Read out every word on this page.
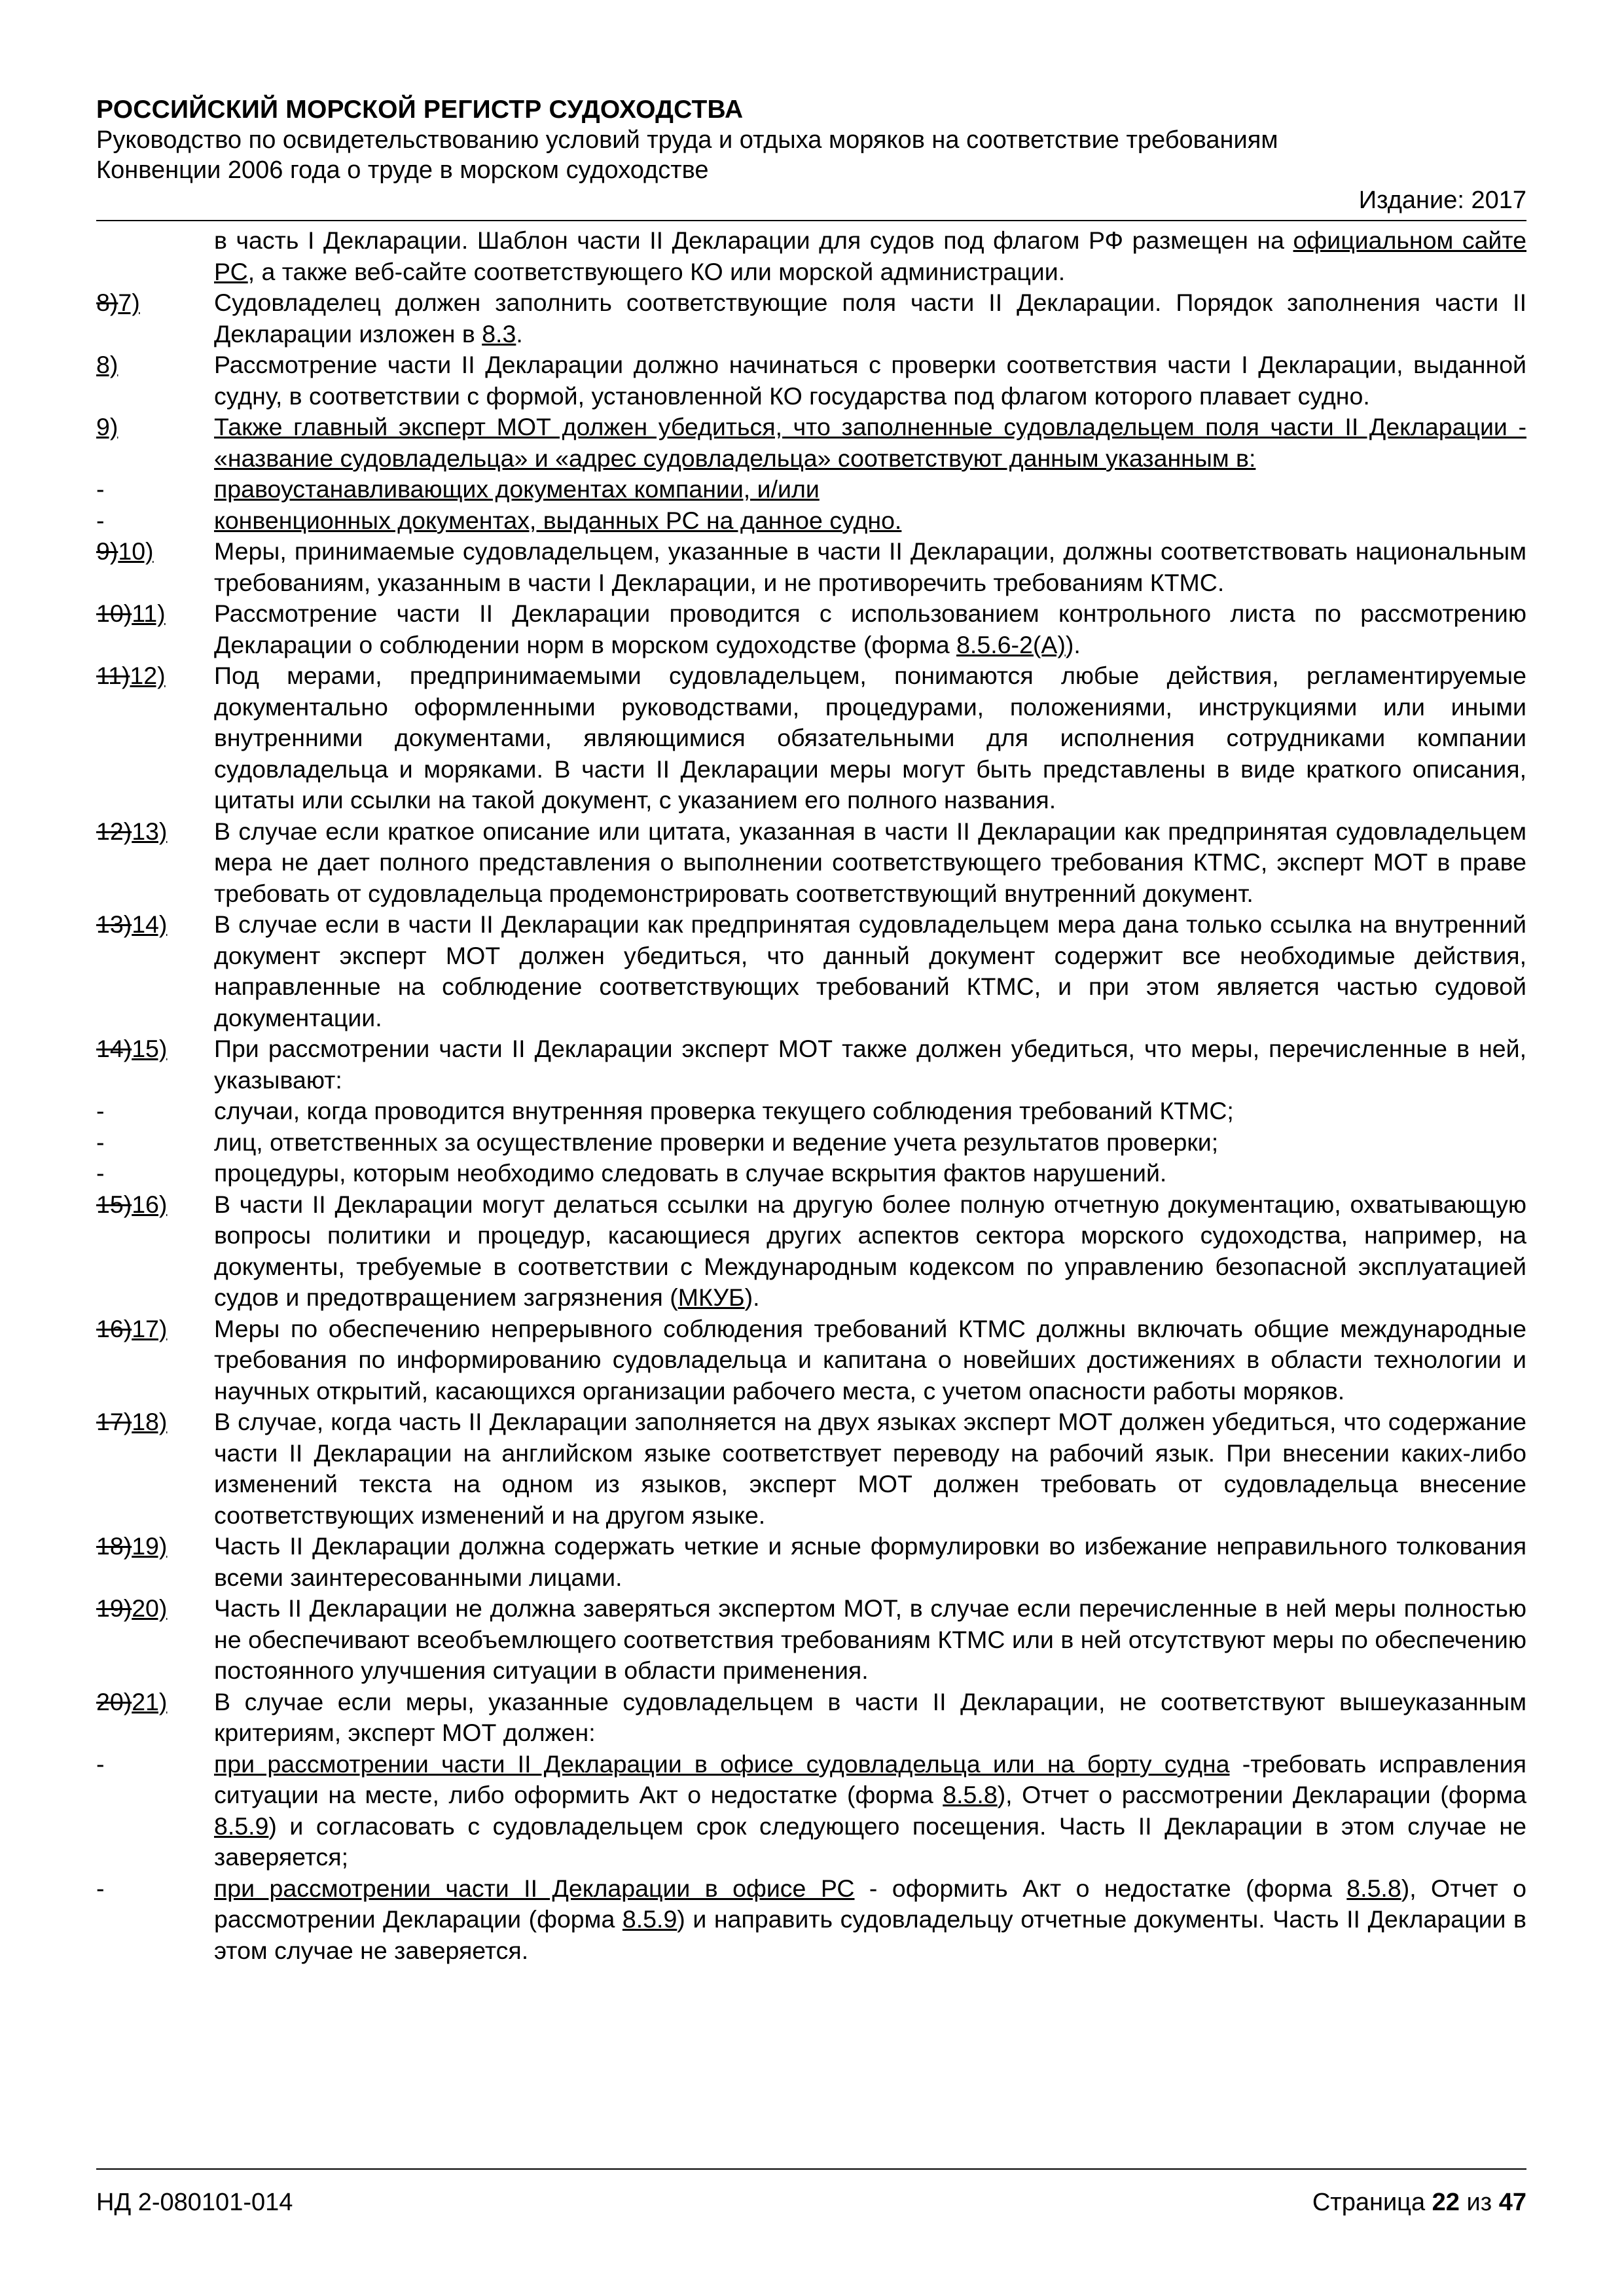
РОССИЙСКИЙ МОРСКОЙ РЕГИСТР СУДОХОДСТВА
Руководство по освидетельствованию условий труда и отдыха моряков на соответствие требованиям
Конвенции 2006 года о труде в морском судоходстве
Издание: 2017
в часть I Декларации. Шаблон части II Декларации для судов под флагом РФ размещен на официальном сайте РС, а также веб-сайте соответствующего КО или морской администрации.
8)7)	Судовладелец должен заполнить соответствующие поля части II Декларации. Порядок заполнения части II Декларации изложен в 8.3.
8)	Рассмотрение части II Декларации должно начинаться с проверки соответствия части I Декларации, выданной судну, в соответствии с формой, установленной КО государства под флагом которого плавает судно.
9)	Также главный эксперт МОТ должен убедиться, что заполненные судовладельцем поля части II Декларации - «название судовладельца» и «адрес судовладельца» соответствуют данным указанным в:
-	правоустанавливающих документах компании, и/или
-	конвенционных документах, выданных РС на данное судно.
9)10)	Меры, принимаемые судовладельцем, указанные в части II Декларации, должны соответствовать национальным требованиям, указанным в части I Декларации, и не противоречить требованиям КТМС.
10)11)	Рассмотрение части II Декларации проводится с использованием контрольного листа по рассмотрению Декларации о соблюдении норм в морском судоходстве (форма 8.5.6-2(А)).
11)12)	Под мерами, предпринимаемыми судовладельцем, понимаются любые действия, регламентируемые документально оформленными руководствами, процедурами, положениями, инструкциями или иными внутренними документами, являющимися обязательными для исполнения сотрудниками компании судовладельца и моряками. В части II Декларации меры могут быть представлены в виде краткого описания, цитаты или ссылки на такой документ, с указанием его полного названия.
12)13)	В случае если краткое описание или цитата, указанная в части II Декларации как предпринятая судовладельцем мера не дает полного представления о выполнении соответствующего требования КТМС, эксперт МОТ в праве требовать от судовладельца продемонстрировать соответствующий внутренний документ.
13)14)	В случае если в части II Декларации как предпринятая судовладельцем мера дана только ссылка на внутренний документ эксперт МОТ должен убедиться, что данный документ содержит все необходимые действия, направленные на соблюдение соответствующих требований КТМС, и при этом является частью судовой документации.
14)15)	При рассмотрении части II Декларации эксперт МОТ также должен убедиться, что меры, перечисленные в ней, указывают:
-	случаи, когда проводится внутренняя проверка текущего соблюдения требований КТМС;
-	лиц, ответственных за осуществление проверки и ведение учета результатов проверки;
-	процедуры, которым необходимо следовать в случае вскрытия фактов нарушений.
15)16)	В части II Декларации могут делаться ссылки на другую более полную отчетную документацию, охватывающую вопросы политики и процедур, касающиеся других аспектов сектора морского судоходства, например, на документы, требуемые в соответствии с Международным кодексом по управлению безопасной эксплуатацией судов и предотвращением загрязнения (МКУБ).
16)17)	Меры по обеспечению непрерывного соблюдения требований КТМС должны включать общие международные требования по информированию судовладельца и капитана о новейших достижениях в области технологии и научных открытий, касающихся организации рабочего места, с учетом опасности работы моряков.
17)18)	В случае, когда часть II Декларации заполняется на двух языках эксперт МОТ должен убедиться, что содержание части II Декларации на английском языке соответствует переводу на рабочий язык. При внесении каких-либо изменений текста на одном из языков, эксперт МОТ должен требовать от судовладельца внесение соответствующих изменений и на другом языке.
18)19)	Часть II Декларации должна содержать четкие и ясные формулировки во избежание неправильного толкования всеми заинтересованными лицами.
19)20)	Часть II Декларации не должна заверяться экспертом МОТ, в случае если перечисленные в ней меры полностью не обеспечивают всеобъемлющего соответствия требованиям КТМС или в ней отсутствуют меры по обеспечению постоянного улучшения ситуации в области применения.
20)21)	В случае если меры, указанные судовладельцем в части II Декларации, не соответствуют вышеуказанным критериям, эксперт МОТ должен:
-	при рассмотрении части II Декларации в офисе судовладельца или на борту судна -требовать исправления ситуации на месте, либо оформить Акт о недостатке (форма 8.5.8), Отчет о рассмотрении Декларации (форма 8.5.9) и согласовать с судовладельцем срок следующего посещения. Часть II Декларации в этом случае не заверяется;
-	при рассмотрении части II Декларации в офисе РС - оформить Акт о недостатке (форма 8.5.8), Отчет о рассмотрении Декларации (форма 8.5.9) и направить судовладельцу отчетные документы. Часть II Декларации в этом случае не заверяется.
НД 2-080101-014	Страница 22 из 47
